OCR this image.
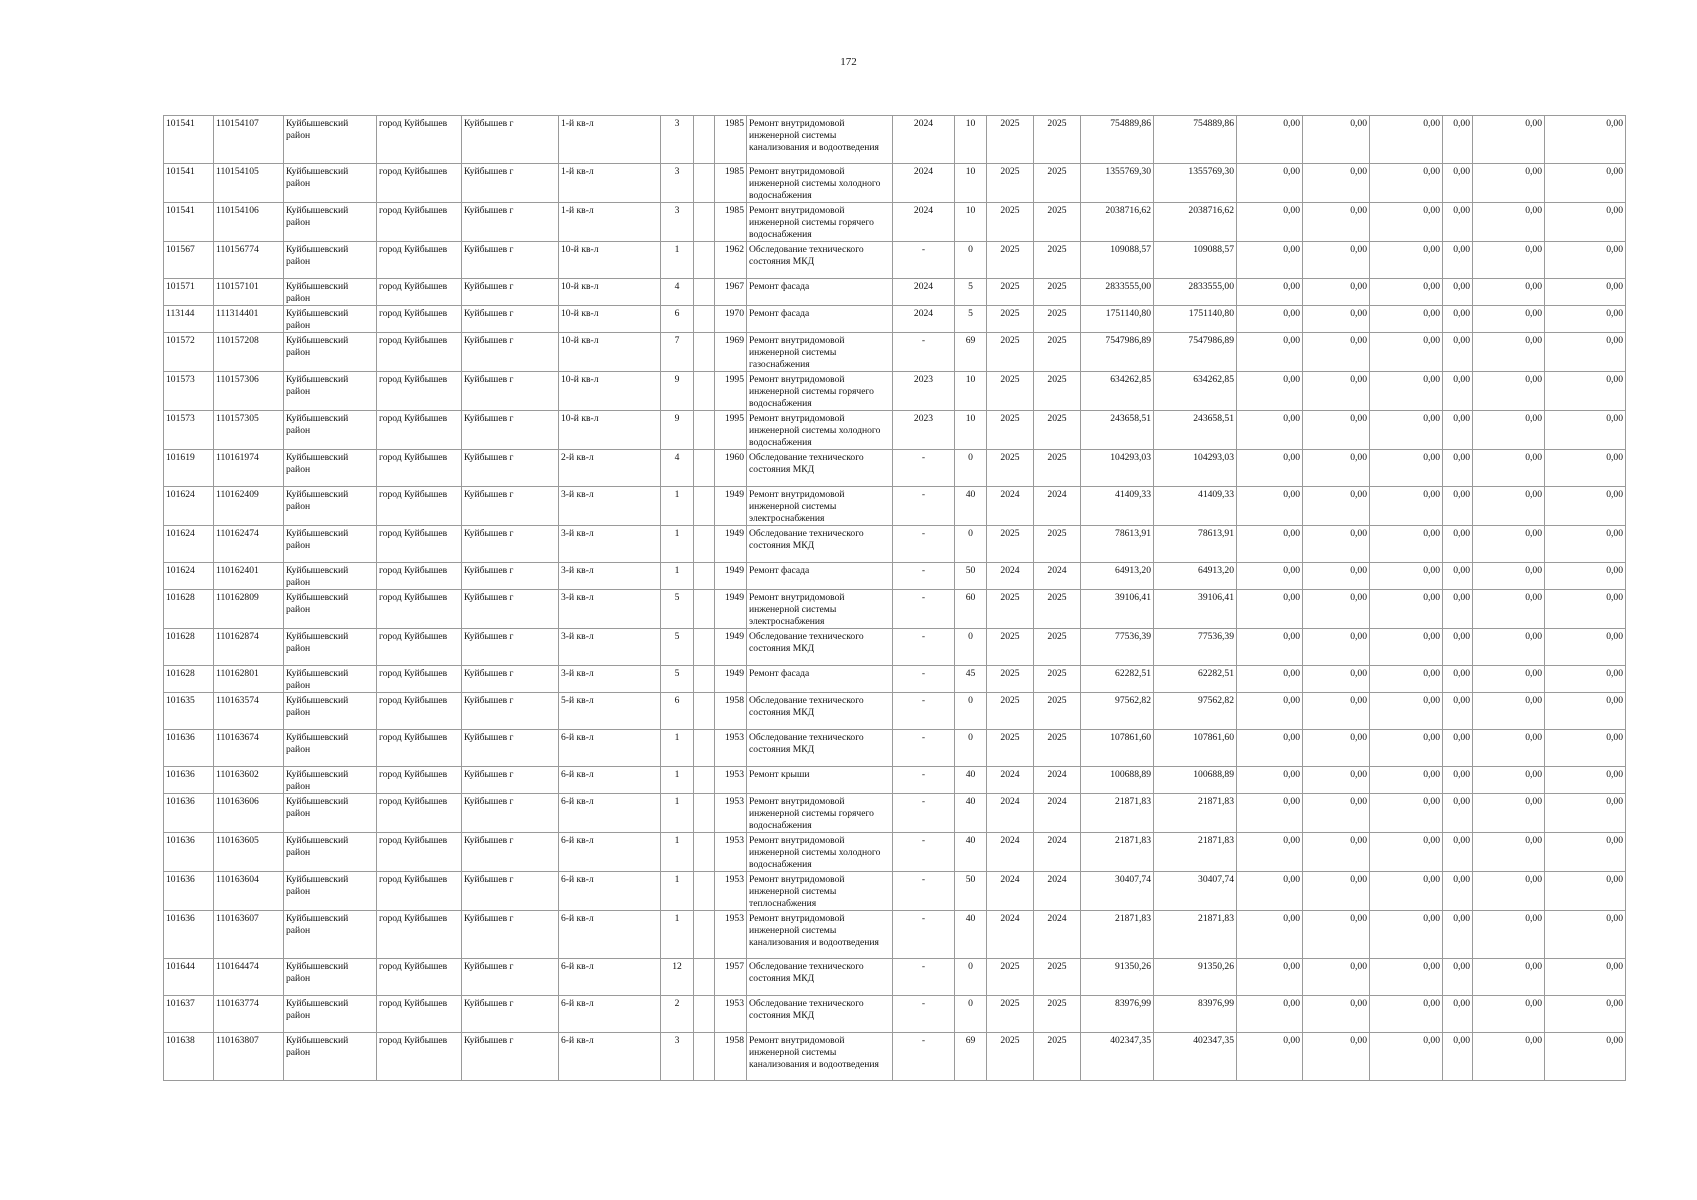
172
101541	110154107	Куйбышевский район	город Куйбышев	Куйбышев г	1-й кв-л	3		1985	Ремонт внутридомовой инженерной системы канализования и водоотведения	2024	10	2025	2025	754889,86	754889,86	0,00	0,00	0,00	0,00	0,00	0,00
101541	110154105	Куйбышевский район	город Куйбышев	Куйбышев г	1-й кв-л	3		1985	Ремонт внутридомовой инженерной системы холодного водоснабжения	2024	10	2025	2025	1355769,30	1355769,30	0,00	0,00	0,00	0,00	0,00	0,00
101541	110154106	Куйбышевский район	город Куйбышев	Куйбышев г	1-й кв-л	3		1985	Ремонт внутридомовой инженерной системы горячего водоснабжения	2024	10	2025	2025	2038716,62	2038716,62	0,00	0,00	0,00	0,00	0,00	0,00
101567	110156774	Куйбышевский район	город Куйбышев	Куйбышев г	10-й кв-л	1		1962	Обследование технического состояния МКД	-	0	2025	2025	109088,57	109088,57	0,00	0,00	0,00	0,00	0,00	0,00
101571	110157101	Куйбышевский район	город Куйбышев	Куйбышев г	10-й кв-л	4		1967	Ремонт фасада	2024	5	2025	2025	2833555,00	2833555,00	0,00	0,00	0,00	0,00	0,00	0,00
113144	111314401	Куйбышевский район	город Куйбышев	Куйбышев г	10-й кв-л	6		1970	Ремонт фасада	2024	5	2025	2025	1751140,80	1751140,80	0,00	0,00	0,00	0,00	0,00	0,00
101572	110157208	Куйбышевский район	город Куйбышев	Куйбышев г	10-й кв-л	7		1969	Ремонт внутридомовой инженерной системы газоснабжения	-	69	2025	2025	7547986,89	7547986,89	0,00	0,00	0,00	0,00	0,00	0,00
101573	110157306	Куйбышевский район	город Куйбышев	Куйбышев г	10-й кв-л	9		1995	Ремонт внутридомовой инженерной системы горячего водоснабжения	2023	10	2025	2025	634262,85	634262,85	0,00	0,00	0,00	0,00	0,00	0,00
101573	110157305	Куйбышевский район	город Куйбышев	Куйбышев г	10-й кв-л	9		1995	Ремонт внутридомовой инженерной системы холодного водоснабжения	2023	10	2025	2025	243658,51	243658,51	0,00	0,00	0,00	0,00	0,00	0,00
101619	110161974	Куйбышевский район	город Куйбышев	Куйбышев г	2-й кв-л	4		1960	Обследование технического состояния МКД	-	0	2025	2025	104293,03	104293,03	0,00	0,00	0,00	0,00	0,00	0,00
101624	110162409	Куйбышевский район	город Куйбышев	Куйбышев г	3-й кв-л	1		1949	Ремонт внутридомовой инженерной системы электроснабжения	-	40	2024	2024	41409,33	41409,33	0,00	0,00	0,00	0,00	0,00	0,00
101624	110162474	Куйбышевский район	город Куйбышев	Куйбышев г	3-й кв-л	1		1949	Обследование технического состояния МКД	-	0	2025	2025	78613,91	78613,91	0,00	0,00	0,00	0,00	0,00	0,00
101624	110162401	Куйбышевский район	город Куйбышев	Куйбышев г	3-й кв-л	1		1949	Ремонт фасада	-	50	2024	2024	64913,20	64913,20	0,00	0,00	0,00	0,00	0,00	0,00
101628	110162809	Куйбышевский район	город Куйбышев	Куйбышев г	3-й кв-л	5		1949	Ремонт внутридомовой инженерной системы электроснабжения	-	60	2025	2025	39106,41	39106,41	0,00	0,00	0,00	0,00	0,00	0,00
101628	110162874	Куйбышевский район	город Куйбышев	Куйбышев г	3-й кв-л	5		1949	Обследование технического состояния МКД	-	0	2025	2025	77536,39	77536,39	0,00	0,00	0,00	0,00	0,00	0,00
101628	110162801	Куйбышевский район	город Куйбышев	Куйбышев г	3-й кв-л	5		1949	Ремонт фасада	-	45	2025	2025	62282,51	62282,51	0,00	0,00	0,00	0,00	0,00	0,00
101635	110163574	Куйбышевский район	город Куйбышев	Куйбышев г	5-й кв-л	6		1958	Обследование технического состояния МКД	-	0	2025	2025	97562,82	97562,82	0,00	0,00	0,00	0,00	0,00	0,00
101636	110163674	Куйбышевский район	город Куйбышев	Куйбышев г	6-й кв-л	1		1953	Обследование технического состояния МКД	-	0	2025	2025	107861,60	107861,60	0,00	0,00	0,00	0,00	0,00	0,00
101636	110163602	Куйбышевский район	город Куйбышев	Куйбышев г	6-й кв-л	1		1953	Ремонт крыши	-	40	2024	2024	100688,89	100688,89	0,00	0,00	0,00	0,00	0,00	0,00
101636	110163606	Куйбышевский район	город Куйбышев	Куйбышев г	6-й кв-л	1		1953	Ремонт внутридомовой инженерной системы горячего водоснабжения	-	40	2024	2024	21871,83	21871,83	0,00	0,00	0,00	0,00	0,00	0,00
101636	110163605	Куйбышевский район	город Куйбышев	Куйбышев г	6-й кв-л	1		1953	Ремонт внутридомовой инженерной системы холодного водоснабжения	-	40	2024	2024	21871,83	21871,83	0,00	0,00	0,00	0,00	0,00	0,00
101636	110163604	Куйбышевский район	город Куйбышев	Куйбышев г	6-й кв-л	1		1953	Ремонт внутридомовой инженерной системы теплоснабжения	-	50	2024	2024	30407,74	30407,74	0,00	0,00	0,00	0,00	0,00	0,00
101636	110163607	Куйбышевский район	город Куйбышев	Куйбышев г	6-й кв-л	1		1953	Ремонт внутридомовой инженерной системы канализования и водоотведения	-	40	2024	2024	21871,83	21871,83	0,00	0,00	0,00	0,00	0,00	0,00
101644	110164474	Куйбышевский район	город Куйбышев	Куйбышев г	6-й кв-л	12		1957	Обследование технического состояния МКД	-	0	2025	2025	91350,26	91350,26	0,00	0,00	0,00	0,00	0,00	0,00
101637	110163774	Куйбышевский район	город Куйбышев	Куйбышев г	6-й кв-л	2		1953	Обследование технического состояния МКД	-	0	2025	2025	83976,99	83976,99	0,00	0,00	0,00	0,00	0,00	0,00
101638	110163807	Куйбышевский район	город Куйбышев	Куйбышев г	6-й кв-л	3		1958	Ремонт внутридомовой инженерной системы канализования и водоотведения	-	69	2025	2025	402347,35	402347,35	0,00	0,00	0,00	0,00	0,00	0,00
